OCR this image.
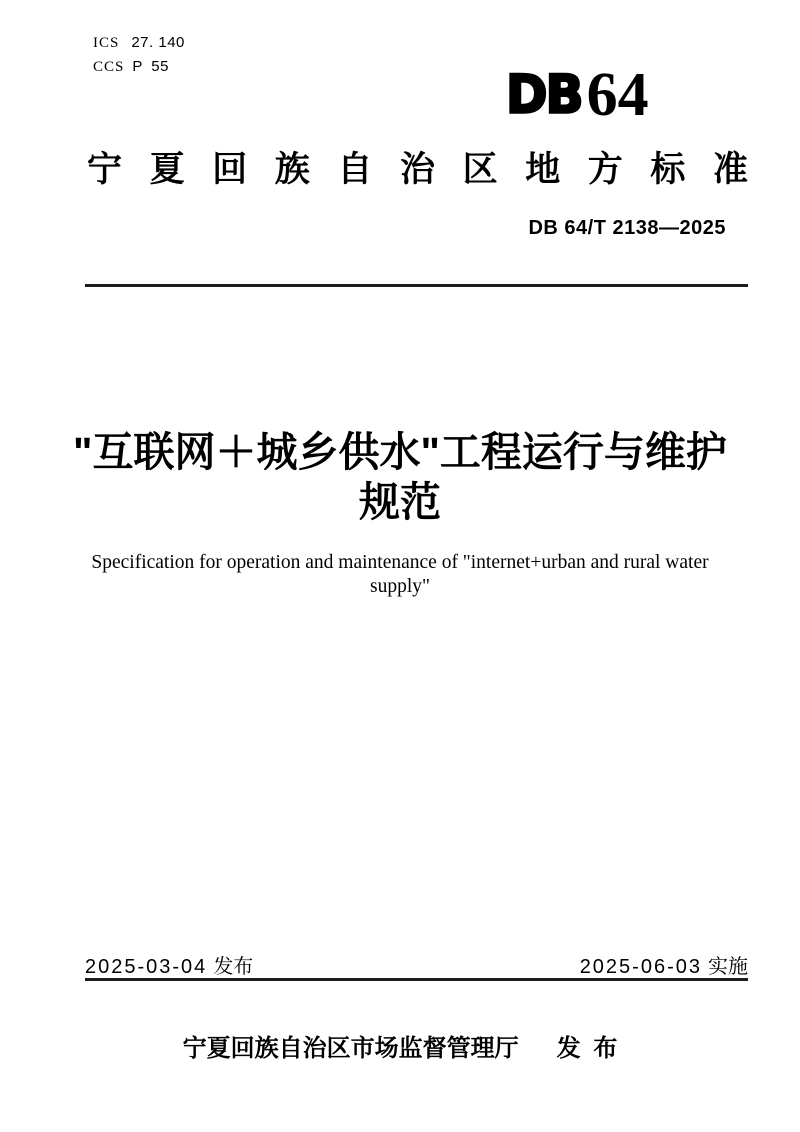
ICS 27. 140
CCS P 55	DB 64
宁夏回族自治区地方标准
DB 64/T 2138—2025
"互联网＋城乡供水"工程运行与维护
规范
Specification for operation and maintenance of "internet+urban and rural water
supply"
2025-03-04 发布	2025-06-03 实施
宁夏回族自治区市场监督管理厅 发 布
